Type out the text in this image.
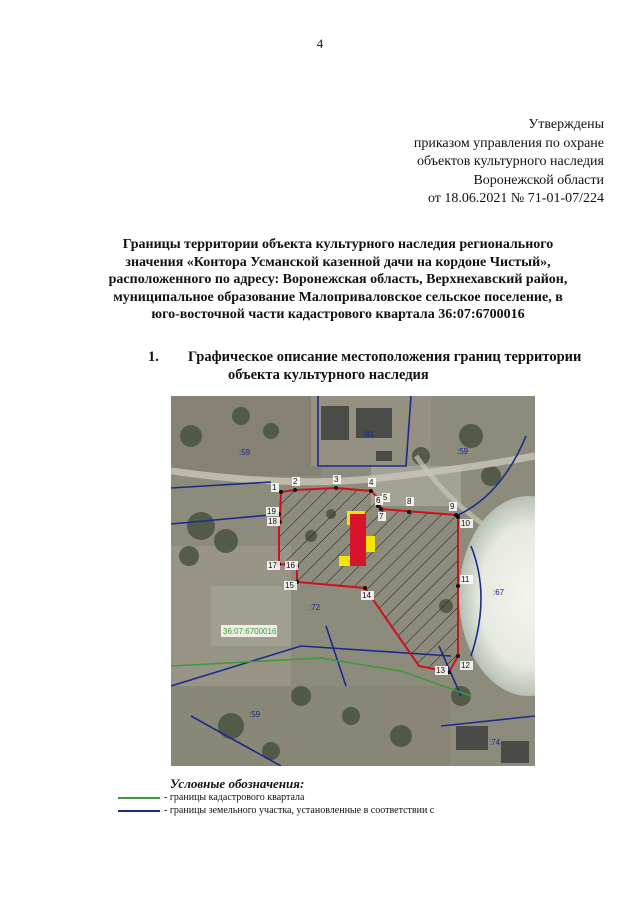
4
Утверждены
приказом управления по охране
объектов культурного наследия
Воронежской области
от 18.06.2021 № 71-01-07/224
Границы территории объекта культурного наследия регионального
значения «Контора Усманской казенной дачи на кордоне Чистый»,
расположенного по адресу: Воронежская область, Верхнехавский район,
муниципальное образование Малоприваловское сельское поселение, в
юго-восточной части кадастрового квартала 36:07:6700016
1. Графическое описание местоположения границ территории
объекта культурного наследия
:59
:81
:59
:67
:72
:59
:74
36:07:6700016
1
2	3	4
5
6
7
8
9
10
11
12
13
14
15
16
17
18
19
Условные обозначения:
- границы кадастрового квартала
- границы земельного участка, установленные в соответствии с
